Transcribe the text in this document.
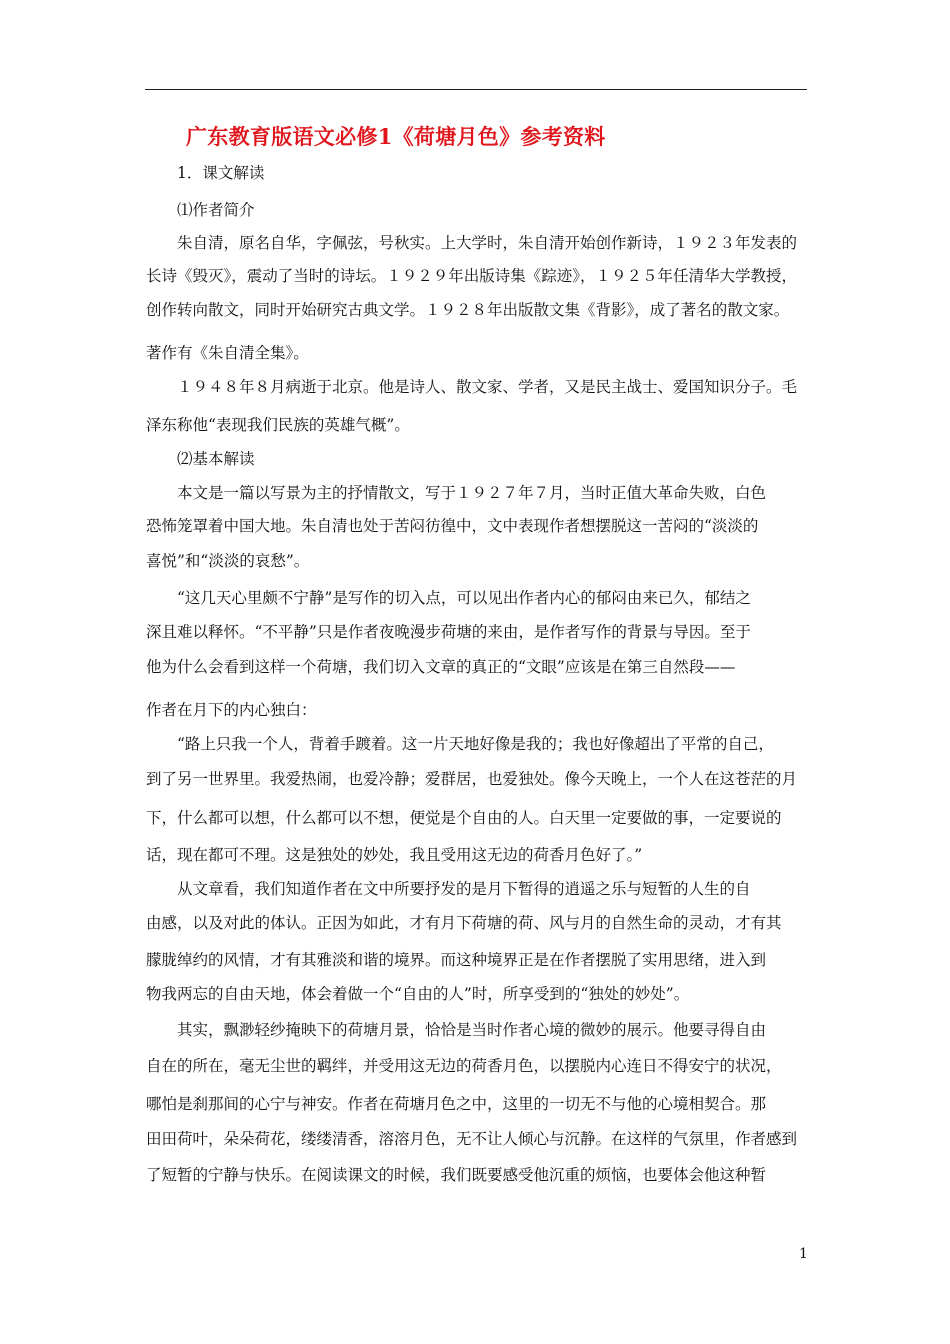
广东教育版语文必修1《荷塘月色》参考资料
1．课文解读
⑴作者简介
朱自清，原名自华，字佩弦，号秋实。上大学时，朱自清开始创作新诗，１９２３年发表的
长诗《毁灭》，震动了当时的诗坛。１９２９年出版诗集《踪迹》，１９２５年任清华大学教授，
创作转向散文，同时开始研究古典文学。１９２８年出版散文集《背影》，成了著名的散文家。
著作有《朱自清全集》。
１９４８年８月病逝于北京。他是诗人、散文家、学者，又是民主战士、爱国知识分子。毛
泽东称他“表现我们民族的英雄气概”。
⑵基本解读
本文是一篇以写景为主的抒情散文，写于１９２７年７月，当时正值大革命失败，白色
恐怖笼罩着中国大地。朱自清也处于苦闷彷徨中，文中表现作者想摆脱这一苦闷的“淡淡的
喜悦”和“淡淡的哀愁”。
“这几天心里颇不宁静”是写作的切入点，可以见出作者内心的郁闷由来已久，郁结之
深且难以释怀。“不平静”只是作者夜晚漫步荷塘的来由，是作者写作的背景与导因。至于
他为什么会看到这样一个荷塘，我们切入文章的真正的“文眼”应该是在第三自然段——
作者在月下的内心独白：
“路上只我一个人，背着手踱着。这一片天地好像是我的；我也好像超出了平常的自己，
到了另一世界里。我爱热闹，也爱冷静；爱群居，也爱独处。像今天晚上，一个人在这苍茫的月
下，什么都可以想，什么都可以不想，便觉是个自由的人。白天里一定要做的事，一定要说的
话，现在都可不理。这是独处的妙处，我且受用这无边的荷香月色好了。”
从文章看，我们知道作者在文中所要抒发的是月下暂得的逍遥之乐与短暂的人生的自
由感，以及对此的体认。正因为如此，才有月下荷塘的荷、风与月的自然生命的灵动，才有其
朦胧绰约的风情，才有其雅淡和谐的境界。而这种境界正是在作者摆脱了实用思绪，进入到
物我两忘的自由天地，体会着做一个“自由的人”时，所享受到的“独处的妙处”。
其实，飘渺轻纱掩映下的荷塘月景，恰恰是当时作者心境的微妙的展示。他要寻得自由
自在的所在，毫无尘世的羁绊，并受用这无边的荷香月色，以摆脱内心连日不得安宁的状况，
哪怕是刹那间的心宁与神安。作者在荷塘月色之中，这里的一切无不与他的心境相契合。那
田田荷叶，朵朵荷花，缕缕清香，溶溶月色，无不让人倾心与沉静。在这样的气氛里，作者感到
了短暂的宁静与快乐。在阅读课文的时候，我们既要感受他沉重的烦恼，也要体会他这种暂
1
